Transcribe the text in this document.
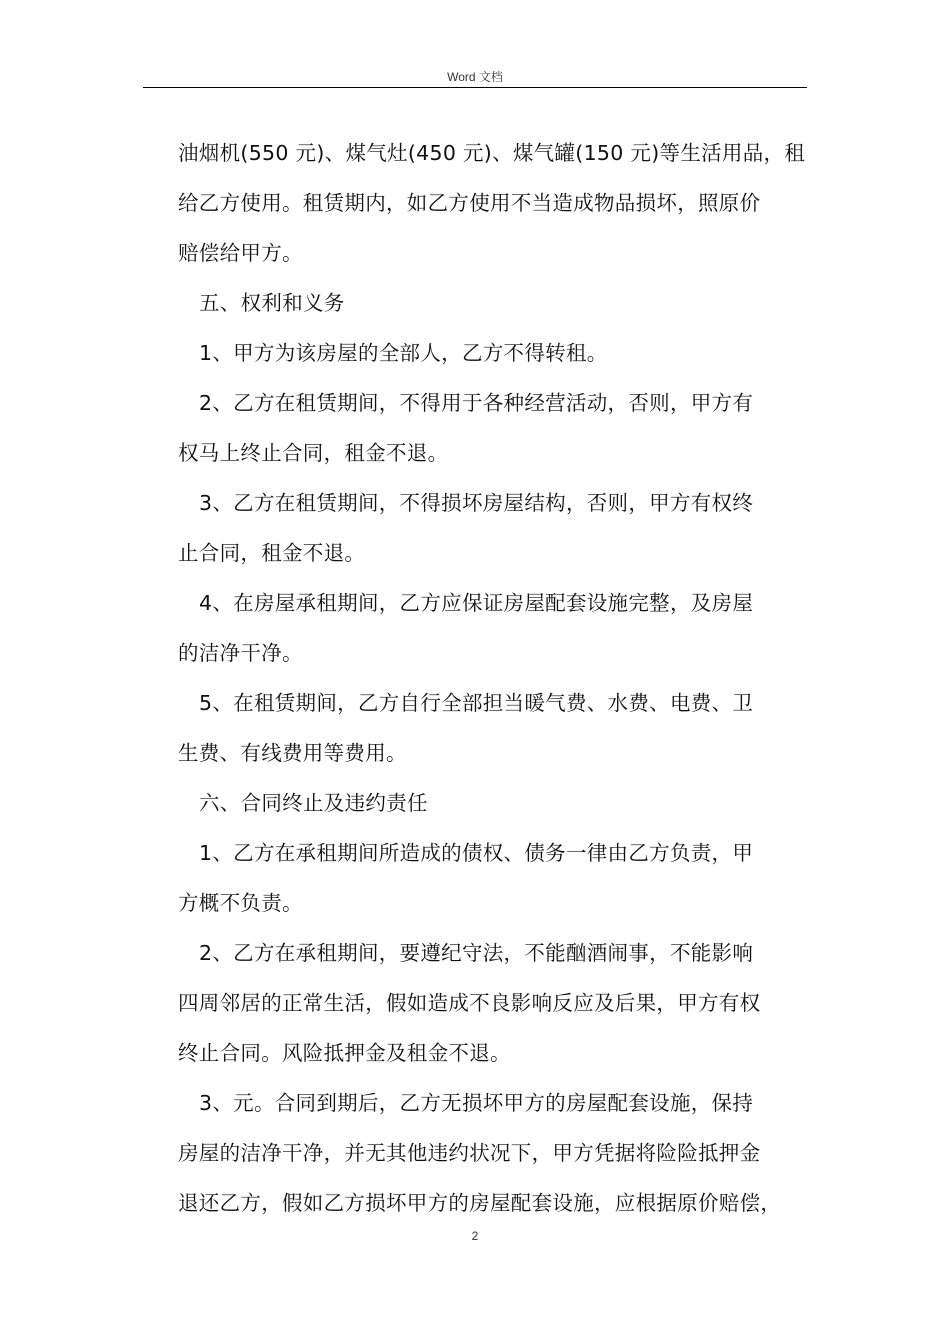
Word 文档
油烟机(550 元)、煤气灶(450 元)、煤气罐(150 元)等生活用品，租
给乙方使用。租赁期内，如乙方使用不当造成物品损坏，照原价
赔偿给甲方。
五、权利和义务
1、甲方为该房屋的全部人，乙方不得转租。
2、乙方在租赁期间，不得用于各种经营活动，否则，甲方有
权马上终止合同，租金不退。
3、乙方在租赁期间，不得损坏房屋结构，否则，甲方有权终
止合同，租金不退。
4、在房屋承租期间，乙方应保证房屋配套设施完整，及房屋
的洁净干净。
5、在租赁期间，乙方自行全部担当暖气费、水费、电费、卫
生费、有线费用等费用。
六、合同终止及违约责任
1、乙方在承租期间所造成的债权、债务一律由乙方负责，甲
方概不负责。
2、乙方在承租期间，要遵纪守法，不能酗酒闹事，不能影响
四周邻居的正常生活，假如造成不良影响反应及后果，甲方有权
终止合同。风险抵押金及租金不退。
3、元。合同到期后，乙方无损坏甲方的房屋配套设施，保持
房屋的洁净干净，并无其他违约状况下，甲方凭据将险险抵押金
退还乙方，假如乙方损坏甲方的房屋配套设施，应根据原价赔偿，
2
